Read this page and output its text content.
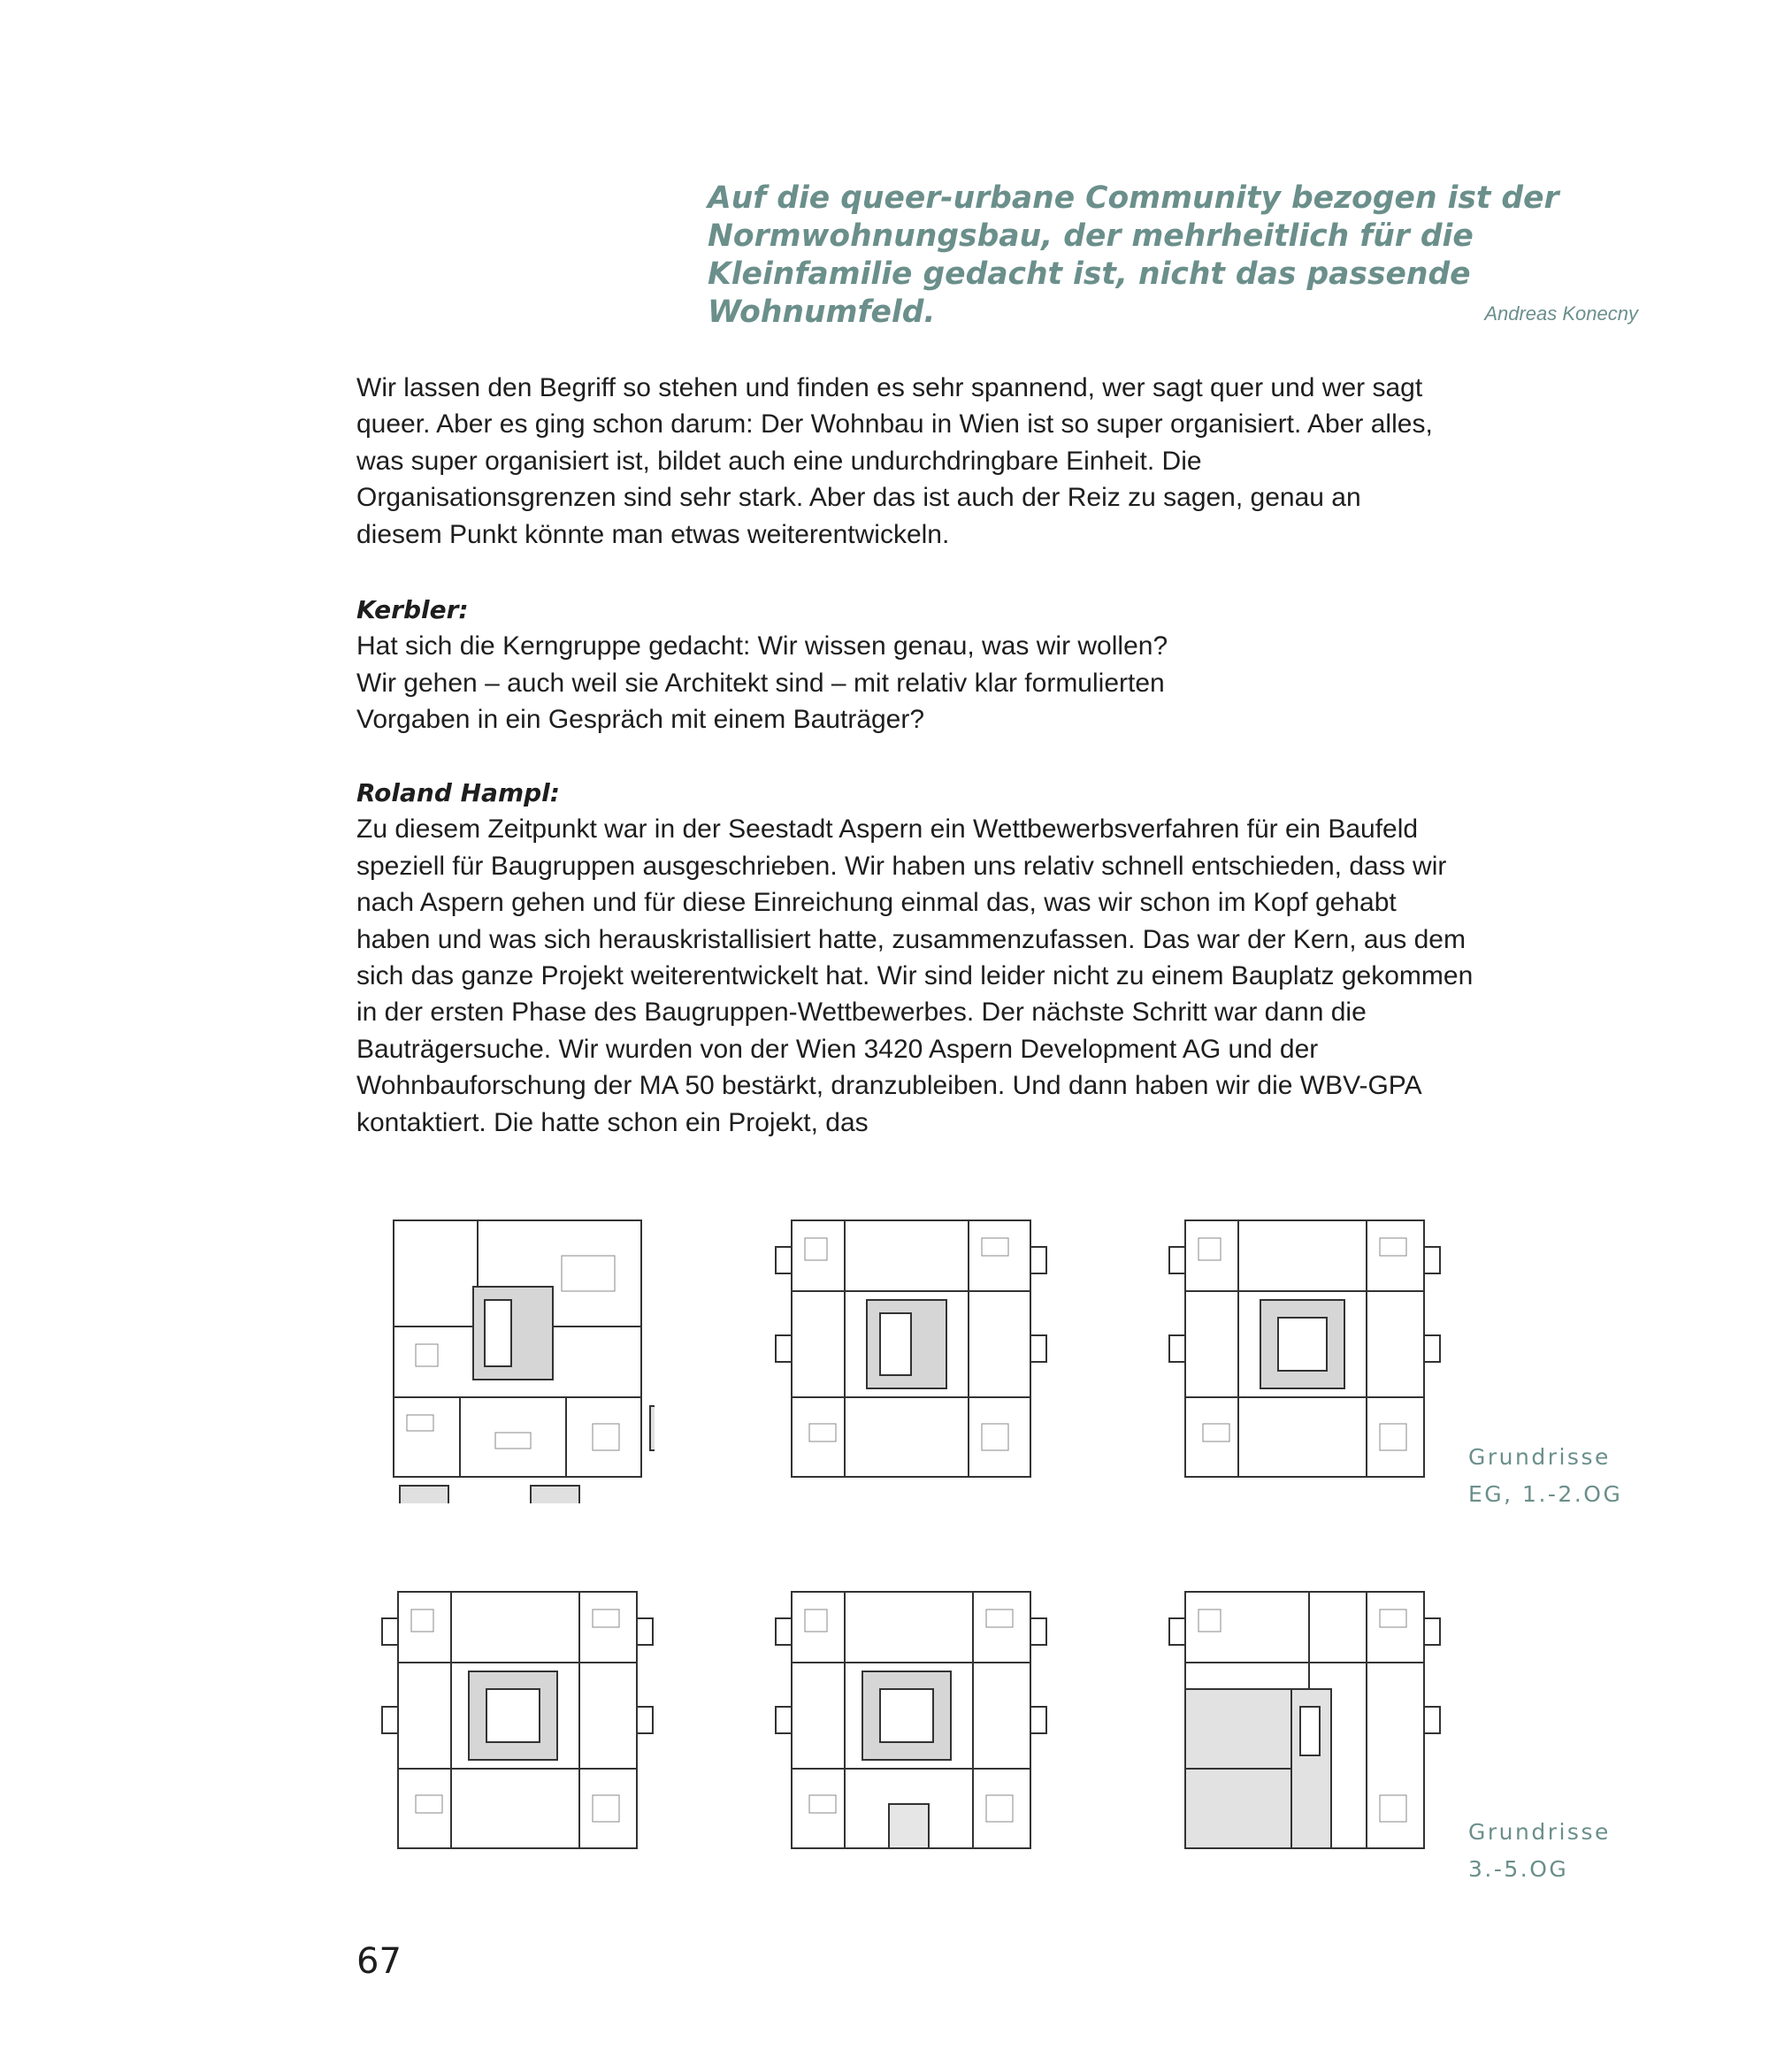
Auf die queer-urbane Community bezogen ist der Normwohnungsbau, der mehrheitlich für die Kleinfamilie gedacht ist, nicht das passende Wohnumfeld.	Andreas Konecny

Wir lassen den Begriff so stehen und finden es sehr spannend, wer sagt quer und wer sagt queer. Aber es ging schon darum: Der Wohnbau in Wien ist so super organisiert. Aber alles, was super organisiert ist, bildet auch eine undurchdringbare Einheit. Die Organisationsgrenzen sind sehr stark. Aber das ist auch der Reiz zu sagen, genau an diesem Punkt könnte man etwas weiterentwickeln.

Kerbler:

Hat sich die Kerngruppe gedacht: Wir wissen genau, was wir wollen? Wir gehen – auch weil sie Architekt sind – mit relativ klar formulierten Vorgaben in ein Gespräch mit einem Bauträger?

Roland Hampl:

Zu diesem Zeitpunkt war in der Seestadt Aspern ein Wettbewerbsverfahren für ein Baufeld speziell für Baugruppen ausgeschrieben. Wir haben uns relativ schnell entschieden, dass wir nach Aspern gehen und für diese Einreichung einmal das, was wir schon im Kopf gehabt haben und was sich herauskristallisiert hatte, zusammenzufassen. Das war der Kern, aus dem sich das ganze Projekt weiterentwickelt hat. Wir sind leider nicht zu einem Bauplatz gekommen in der ersten Phase des Baugruppen-Wettbewerbes. Der nächste Schritt war dann die Bauträgersuche. Wir wurden von der Wien 3420 Aspern Development AG und der Wohnbauforschung der MA 50 bestärkt, dranzubleiben. Und dann haben wir die WBV-GPA kontaktiert. Die hatte schon ein Projekt, das

Grundrisse
EG, 1.-2.OG
Grundrisse
3.-5.OG
67
